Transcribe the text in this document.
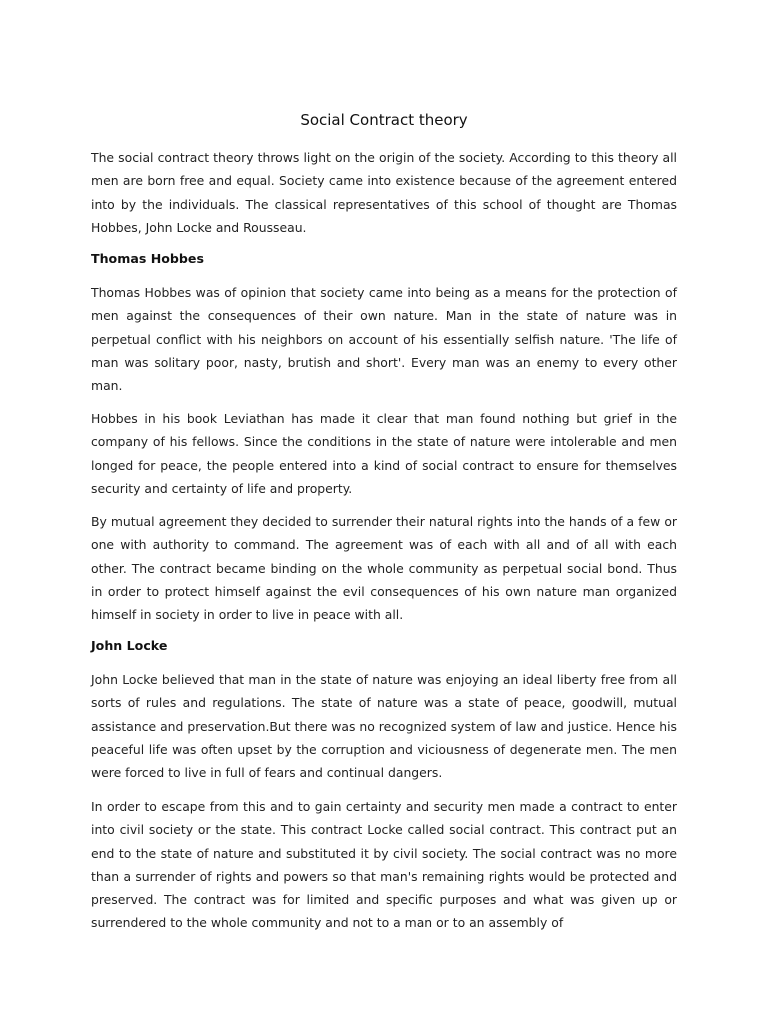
Social Contract theory

The social contract theory throws light on the origin of the society. According to this theory all men are born free and equal. Society came into existence because of the agreement entered into by the individuals. The classical representatives of this school of thought are Thomas Hobbes, John Locke and Rousseau.

Thomas Hobbes

Thomas Hobbes was of opinion that society came into being as a means for the protection of men against the consequences of their own nature. Man in the state of nature was in perpetual conflict with his neighbors on account of his essentially selfish nature. 'The life of man was solitary poor, nasty, brutish and short'. Every man was an enemy to every other man.

Hobbes in his book Leviathan has made it clear that man found nothing but grief in the company of his fellows. Since the conditions in the state of nature were intolerable and men longed for peace, the people entered into a kind of social contract to ensure for themselves security and certainty of life and property.

By mutual agreement they decided to surrender their natural rights into the hands of a few or one with authority to command. The agreement was of each with all and of all with each other. The contract became binding on the whole community as perpetual social bond. Thus in order to protect himself against the evil consequences of his own nature man organized himself in society in order to live in peace with all.

John Locke

John Locke believed that man in the state of nature was enjoying an ideal liberty free from all sorts of rules and regulations. The state of nature was a state of peace, goodwill, mutual assistance and preservation.But there was no recognized system of law and justice. Hence his peaceful life was often upset by the corruption and viciousness of degenerate men. The men were forced to live in full of fears and continual dangers.

In order to escape from this and to gain certainty and security men made a contract to enter into civil society or the state. This contract Locke called social contract. This contract put an end to the state of nature and substituted it by civil society. The social contract was no more than a surrender of rights and powers so that man's remaining rights would be protected and preserved. The contract was for limited and specific purposes and what was given up or surrendered to the whole community and not to a man or to an assembly of
